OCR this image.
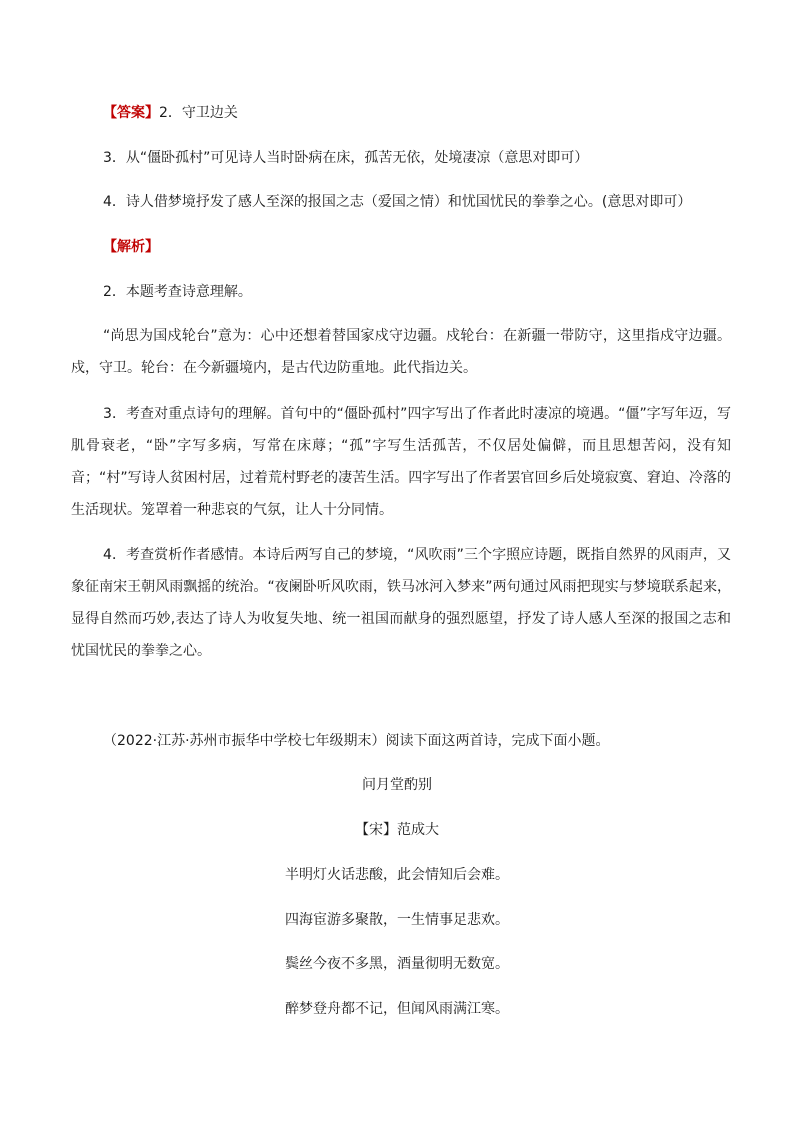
【答案】2．守卫边关
3．从“僵卧孤村”可见诗人当时卧病在床，孤苦无依，处境凄凉（意思对即可）
4．诗人借梦境抒发了感人至深的报国之志（爱国之情）和忧国忧民的拳拳之心。(意思对即可）
【解析】
2．本题考查诗意理解。
“尚思为国戍轮台”意为：心中还想着替国家戍守边疆。戍轮台：在新疆一带防守，这里指戍守边疆。戍，守卫。轮台：在今新疆境内，是古代边防重地。此代指边关。
3．考查对重点诗句的理解。首句中的“僵卧孤村”四字写出了作者此时凄凉的境遇。“僵”字写年迈，写肌骨衰老，“卧”字写多病，写常在床蓐；“孤”字写生活孤苦，不仅居处偏僻，而且思想苦闷，没有知音；“村”写诗人贫困村居，过着荒村野老的凄苦生活。四字写出了作者罢官回乡后处境寂寞、窘迫、冷落的生活现状。笼罩着一种悲哀的气氛，让人十分同情。
4．考查赏析作者感情。本诗后两写自己的梦境，“风吹雨”三个字照应诗题，既指自然界的风雨声，又象征南宋王朝风雨飘摇的统治。“夜阑卧听风吹雨，铁马冰河入梦来”两句通过风雨把现实与梦境联系起来，显得自然而巧妙,表达了诗人为收复失地、统一祖国而献身的强烈愿望，抒发了诗人感人至深的报国之志和忧国忧民的拳拳之心。
（2022·江苏·苏州市振华中学校七年级期末）阅读下面这两首诗，完成下面小题。
问月堂酌别
【宋】范成大
半明灯火话悲酸，此会情知后会难。
四海宦游多聚散，一生情事足悲欢。
鬓丝今夜不多黑，酒量彻明无数宽。
醉梦登舟都不记，但闻风雨满江寒。
